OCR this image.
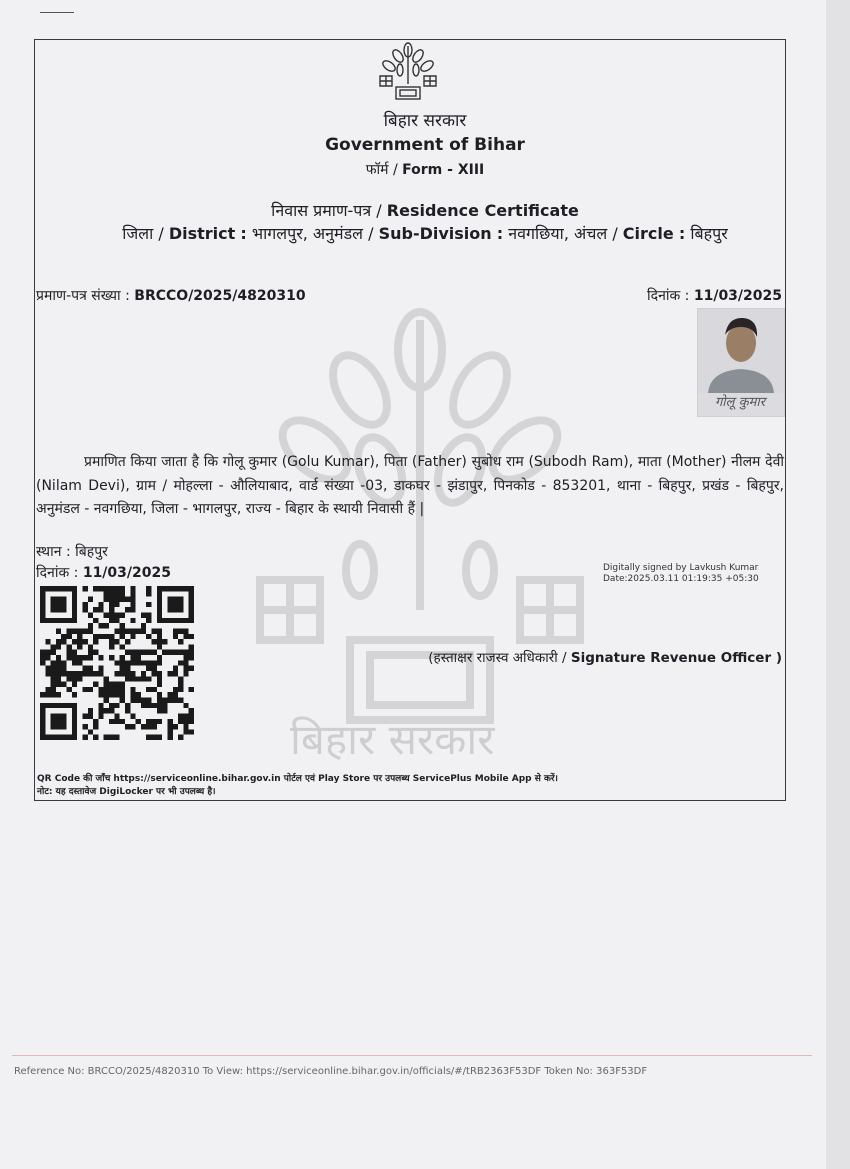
बिहार सरकार

बिहार सरकार

Government of Bihar

फॉर्म / Form - XIII

निवास प्रमाण-पत्र / Residence Certificate

जिला / District : भागलपुर, अनुमंडल / Sub-Division : नवगछिया, अंचल / Circle : बिहपुर

प्रमाण-पत्र संख्या : BRCCO/2025/4820310	दिनांक : 11/03/2025

गोलू कुमार

प्रमाणित किया जाता है कि गोलू कुमार (Golu Kumar), पिता (Father) सुबोध राम (Subodh Ram), माता (Mother) नीलम देवी (Nilam Devi), ग्राम / मोहल्ला - औलियाबाद, वार्ड संख्या -03, डाकघर - झंडापुर, पिनकोड - 853201, थाना - बिहपुर, प्रखंड - बिहपुर, अनुमंडल - नवगछिया, जिला - भागलपुर, राज्य - बिहार के स्थायी निवासी हैं |

स्थान : बिहपुर

दिनांक : 11/03/2025	Digitally signed by Lavkush Kumar

Date:2025.03.11 01:19:35 +05:30

(हस्ताक्षर राजस्व अधिकारी / Signature Revenue Officer )

QR Code की जाँच https://serviceonline.bihar.gov.in पोर्टल एवं Play Store पर उपलब्ध ServicePlus Mobile App से करें।

नोट: यह दस्तावेज DigiLocker पर भी उपलब्ध है।

Reference No: BRCCO/2025/4820310 To View: https://serviceonline.bihar.gov.in/officials/#/tRB2363F53DF Token No: 363F53DF
